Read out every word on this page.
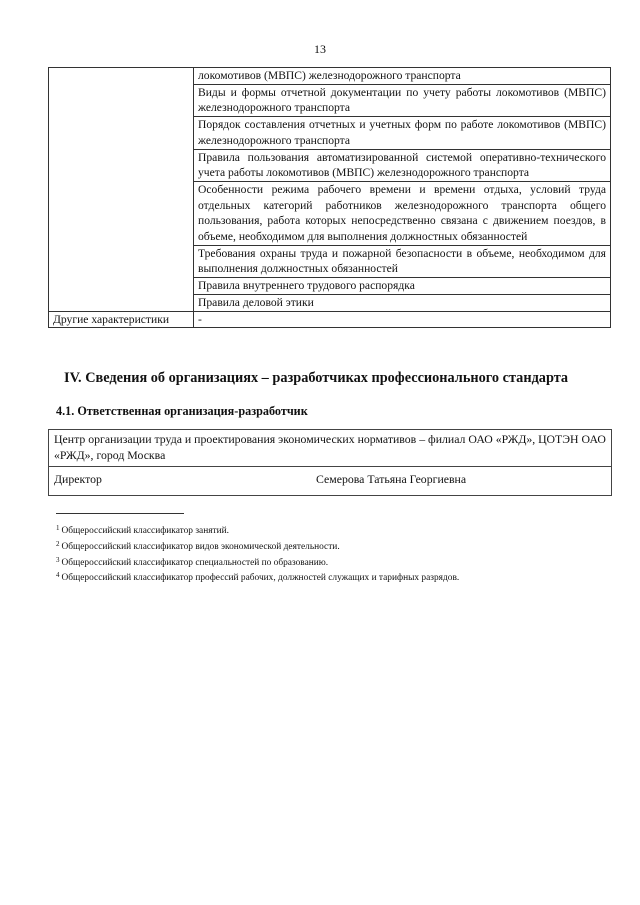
13
	локомотивов (МВПС) железнодорожного транспорта
	Виды и формы отчетной документации по учету работы локомотивов (МВПС) железнодорожного транспорта
	Порядок составления отчетных и учетных форм по работе локомотивов (МВПС) железнодорожного транспорта
	Правила пользования автоматизированной системой оперативно-технического учета работы локомотивов (МВПС) железнодорожного транспорта
	Особенности режима рабочего времени и времени отдыха, условий труда отдельных категорий работников железнодорожного транспорта общего пользования, работа которых непосредственно связана с движением поездов, в объеме, необходимом для выполнения должностных обязанностей
	Требования охраны труда и пожарной безопасности в объеме, необходимом для выполнения должностных обязанностей
	Правила внутреннего трудового распорядка
	Правила деловой этики
Другие характеристики	-
IV. Сведения об организациях – разработчиках профессионального стандарта
4.1. Ответственная организация-разработчик
Центр организации труда и проектирования экономических нормативов – филиал ОАО «РЖД», ЦОТЭН ОАО «РЖД», город Москва
Директор	Семерова Татьяна Георгиевна
$^1$ Общероссийский классификатор занятий.
$^2$ Общероссийский классификатор видов экономической деятельности.
$^3$ Общероссийский классификатор специальностей по образованию.
$^4$ Общероссийский классификатор профессий рабочих, должностей служащих и тарифных разрядов.
